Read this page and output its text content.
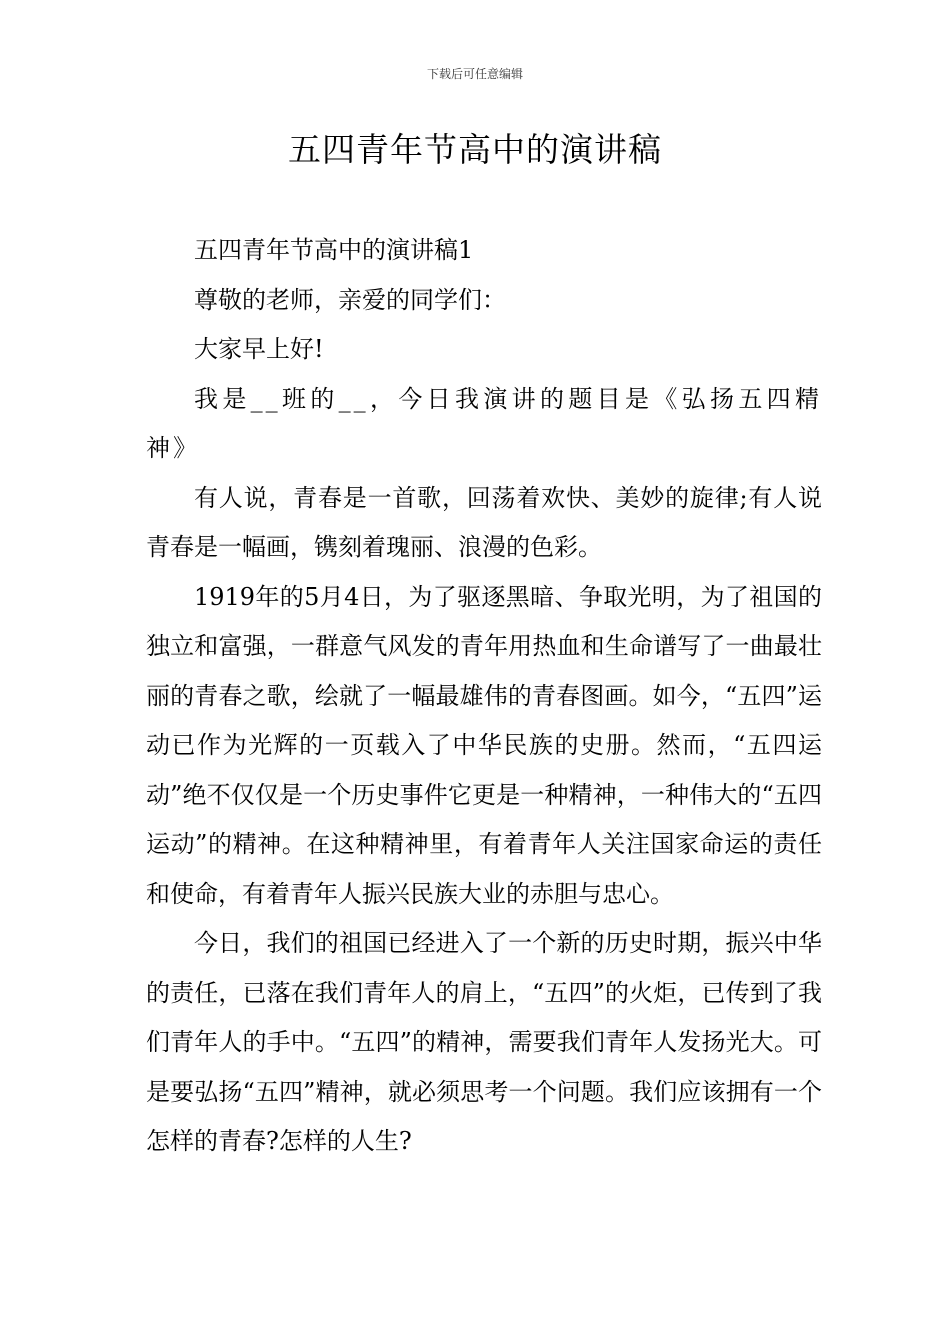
下载后可任意编辑
五四青年节高中的演讲稿

五四青年节高中的演讲稿1

尊敬的老师，亲爱的同学们：

大家早上好!

我是__班的__，今日我演讲的题目是《弘扬五四精神》

有人说，青春是一首歌，回荡着欢快、美妙的旋律;有人说青春是一幅画，镌刻着瑰丽、浪漫的色彩。

1919年的5月4日，为了驱逐黑暗、争取光明，为了祖国的独立和富强，一群意气风发的青年用热血和生命谱写了一曲最壮丽的青春之歌，绘就了一幅最雄伟的青春图画。如今，“五四”运动已作为光辉的一页载入了中华民族的史册。然而，“五四运动”绝不仅仅是一个历史事件它更是一种精神，一种伟大的“五四运动”的精神。在这种精神里，有着青年人关注国家命运的责任和使命，有着青年人振兴民族大业的赤胆与忠心。

今日，我们的祖国已经进入了一个新的历史时期，振兴中华的责任，已落在我们青年人的肩上，“五四”的火炬，已传到了我们青年人的手中。“五四”的精神，需要我们青年人发扬光大。可是要弘扬“五四”精神，就必须思考一个问题。我们应该拥有一个怎样的青春?怎样的人生?
